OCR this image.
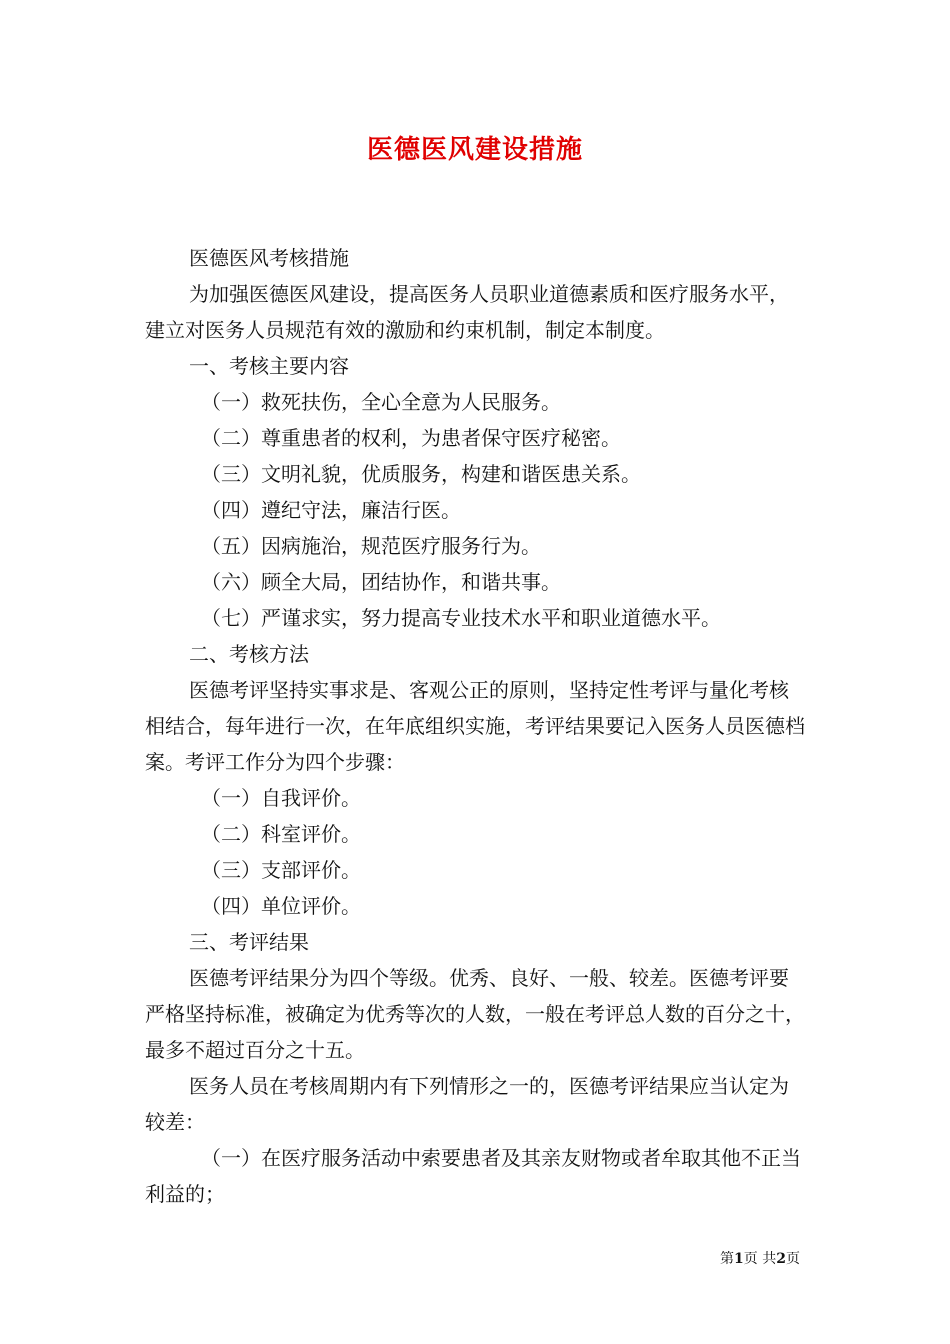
医德医风建设措施

医德医风考核措施

为加强医德医风建设，提高医务人员职业道德素质和医疗服务水平，建立对医务人员规范有效的激励和约束机制，制定本制度。

一、考核主要内容

（一）救死扶伤，全心全意为人民服务。

（二）尊重患者的权利，为患者保守医疗秘密。

（三）文明礼貌，优质服务，构建和谐医患关系。

（四）遵纪守法，廉洁行医。

（五）因病施治，规范医疗服务行为。

（六）顾全大局，团结协作，和谐共事。

（七）严谨求实，努力提高专业技术水平和职业道德水平。

二、考核方法

医德考评坚持实事求是、客观公正的原则，坚持定性考评与量化考核相结合，每年进行一次，在年底组织实施，考评结果要记入医务人员医德档案。考评工作分为四个步骤：

（一）自我评价。

（二）科室评价。

（三）支部评价。

（四）单位评价。

三、考评结果

医德考评结果分为四个等级。优秀、良好、一般、较差。医德考评要严格坚持标准，被确定为优秀等次的人数，一般在考评总人数的百分之十，最多不超过百分之十五。

医务人员在考核周期内有下列情形之一的，医德考评结果应当认定为较差：

（一）在医疗服务活动中索要患者及其亲友财物或者牟取其他不正当利益的；

第1页 共2页
